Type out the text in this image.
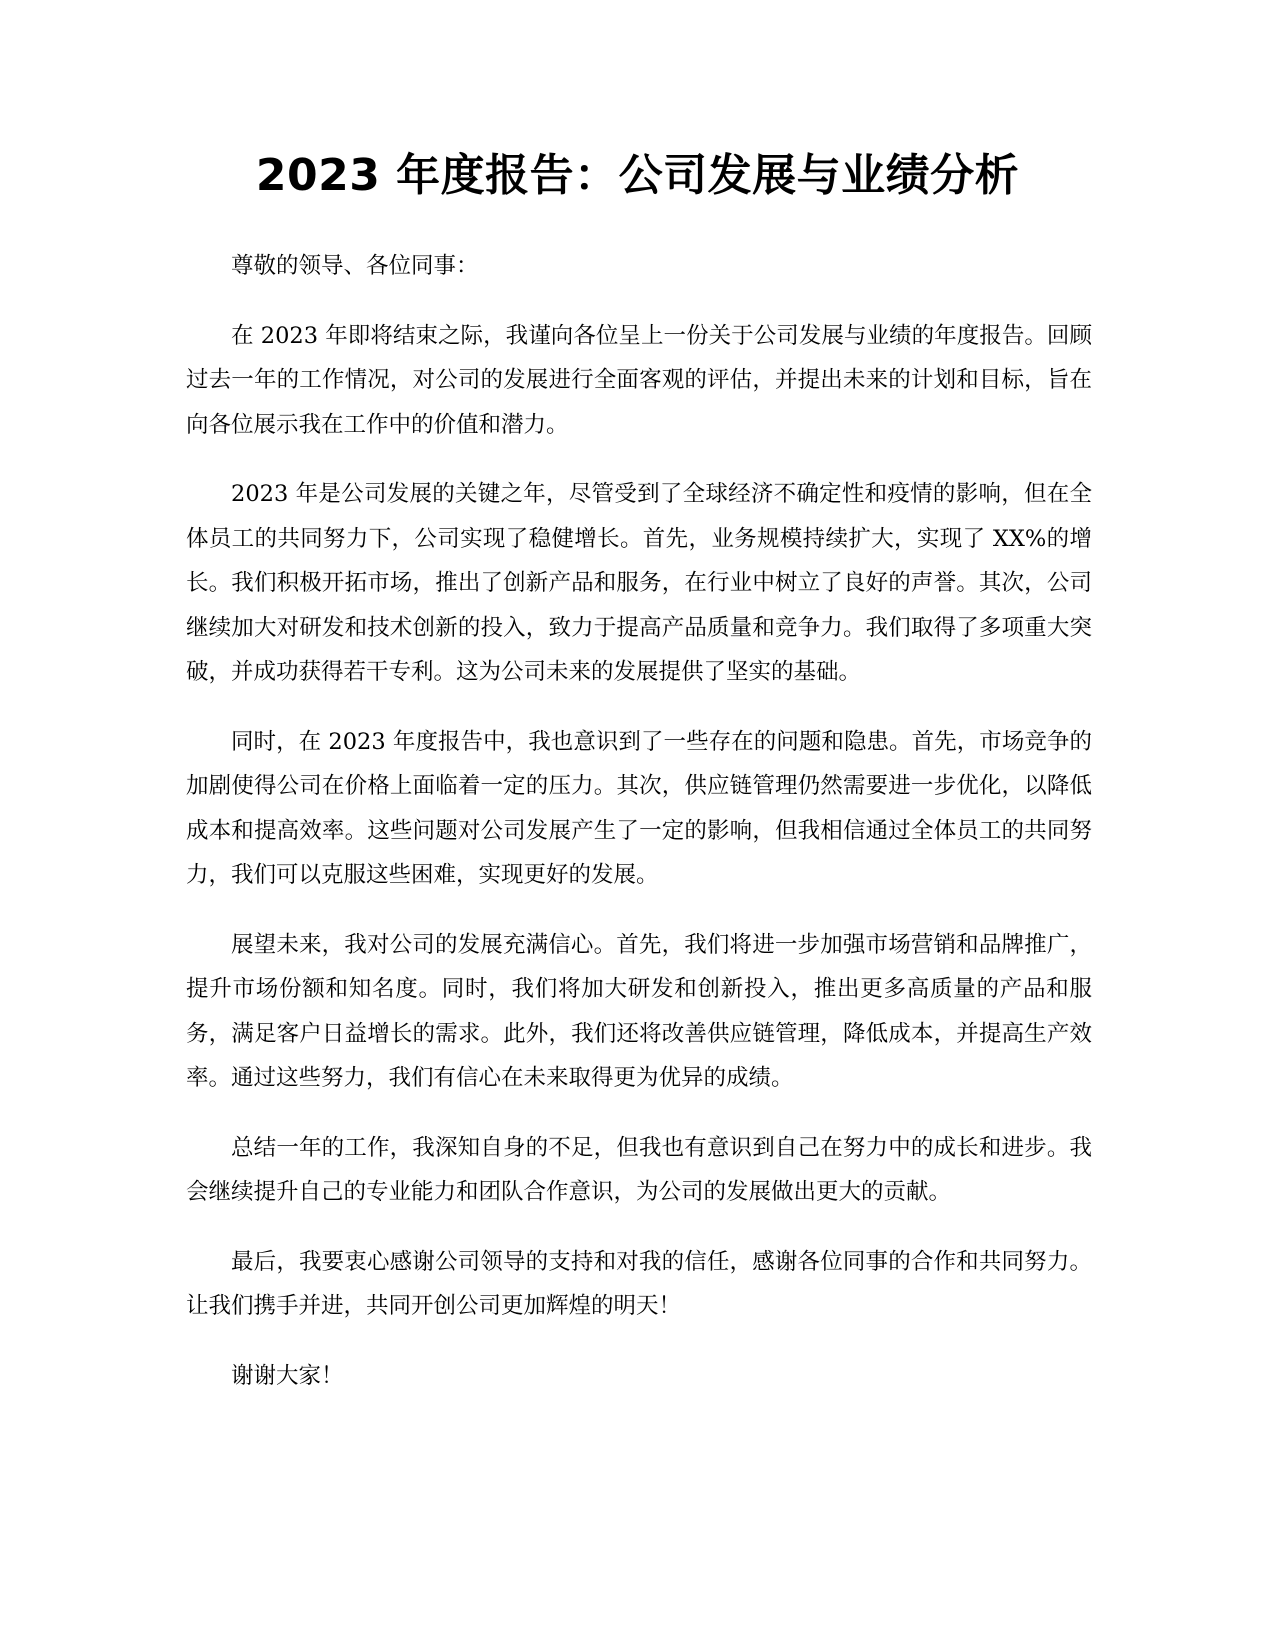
2023 年度报告：公司发展与业绩分析

尊敬的领导、各位同事：

在 2023 年即将结束之际，我谨向各位呈上一份关于公司发展与业绩的年度报告。回顾过去一年的工作情况，对公司的发展进行全面客观的评估，并提出未来的计划和目标，旨在向各位展示我在工作中的价值和潜力。

2023 年是公司发展的关键之年，尽管受到了全球经济不确定性和疫情的影响，但在全体员工的共同努力下，公司实现了稳健增长。首先，业务规模持续扩大，实现了 XX%的增长。我们积极开拓市场，推出了创新产品和服务，在行业中树立了良好的声誉。其次，公司继续加大对研发和技术创新的投入，致力于提高产品质量和竞争力。我们取得了多项重大突破，并成功获得若干专利。这为公司未来的发展提供了坚实的基础。

同时，在 2023 年度报告中，我也意识到了一些存在的问题和隐患。首先，市场竞争的加剧使得公司在价格上面临着一定的压力。其次，供应链管理仍然需要进一步优化，以降低成本和提高效率。这些问题对公司发展产生了一定的影响，但我相信通过全体员工的共同努力，我们可以克服这些困难，实现更好的发展。

展望未来，我对公司的发展充满信心。首先，我们将进一步加强市场营销和品牌推广，提升市场份额和知名度。同时，我们将加大研发和创新投入，推出更多高质量的产品和服务，满足客户日益增长的需求。此外，我们还将改善供应链管理，降低成本，并提高生产效率。通过这些努力，我们有信心在未来取得更为优异的成绩。

总结一年的工作，我深知自身的不足，但我也有意识到自己在努力中的成长和进步。我会继续提升自己的专业能力和团队合作意识，为公司的发展做出更大的贡献。

最后，我要衷心感谢公司领导的支持和对我的信任，感谢各位同事的合作和共同努力。让我们携手并进，共同开创公司更加辉煌的明天！

谢谢大家！
